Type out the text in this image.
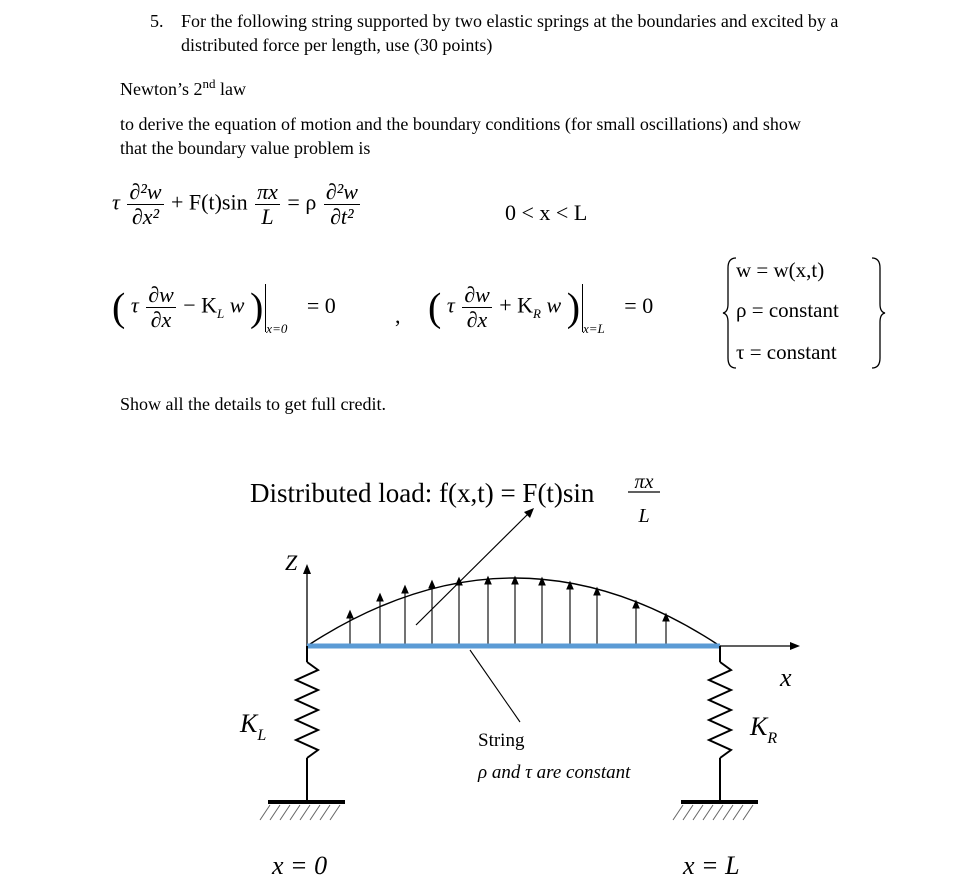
5. For the following string supported by two elastic springs at the boundaries and excited by a
distributed force per length, use (30 points)
Newton’s 2nd law
to derive the equation of motion and the boundary conditions (for small oscillations) and show
that the boundary value problem is
τ $\frac{\text{∂²w}}{\text{∂x²}} + F(t)\sin \frac{\pi x}{L} = \rho \frac{\text{∂²w}}{\text{∂t²}}$	0 < x < L
( τ $\frac{\partial w}{\partial x} - K_L$ w ) $_{x=0}$ = 0	, ( τ $\frac{\partial w}{\partial x} + K_R$ w ) $_{x=L}$ = 0
w = w(x,t)
ρ = constant
τ = constant
Show all the details to get full credit.
Distributed load: f(x,t) = F(t)sin πx
L
Z
x
$K_L$	$K_R$
String
ρ and τ are constant
x = 0	x = L
